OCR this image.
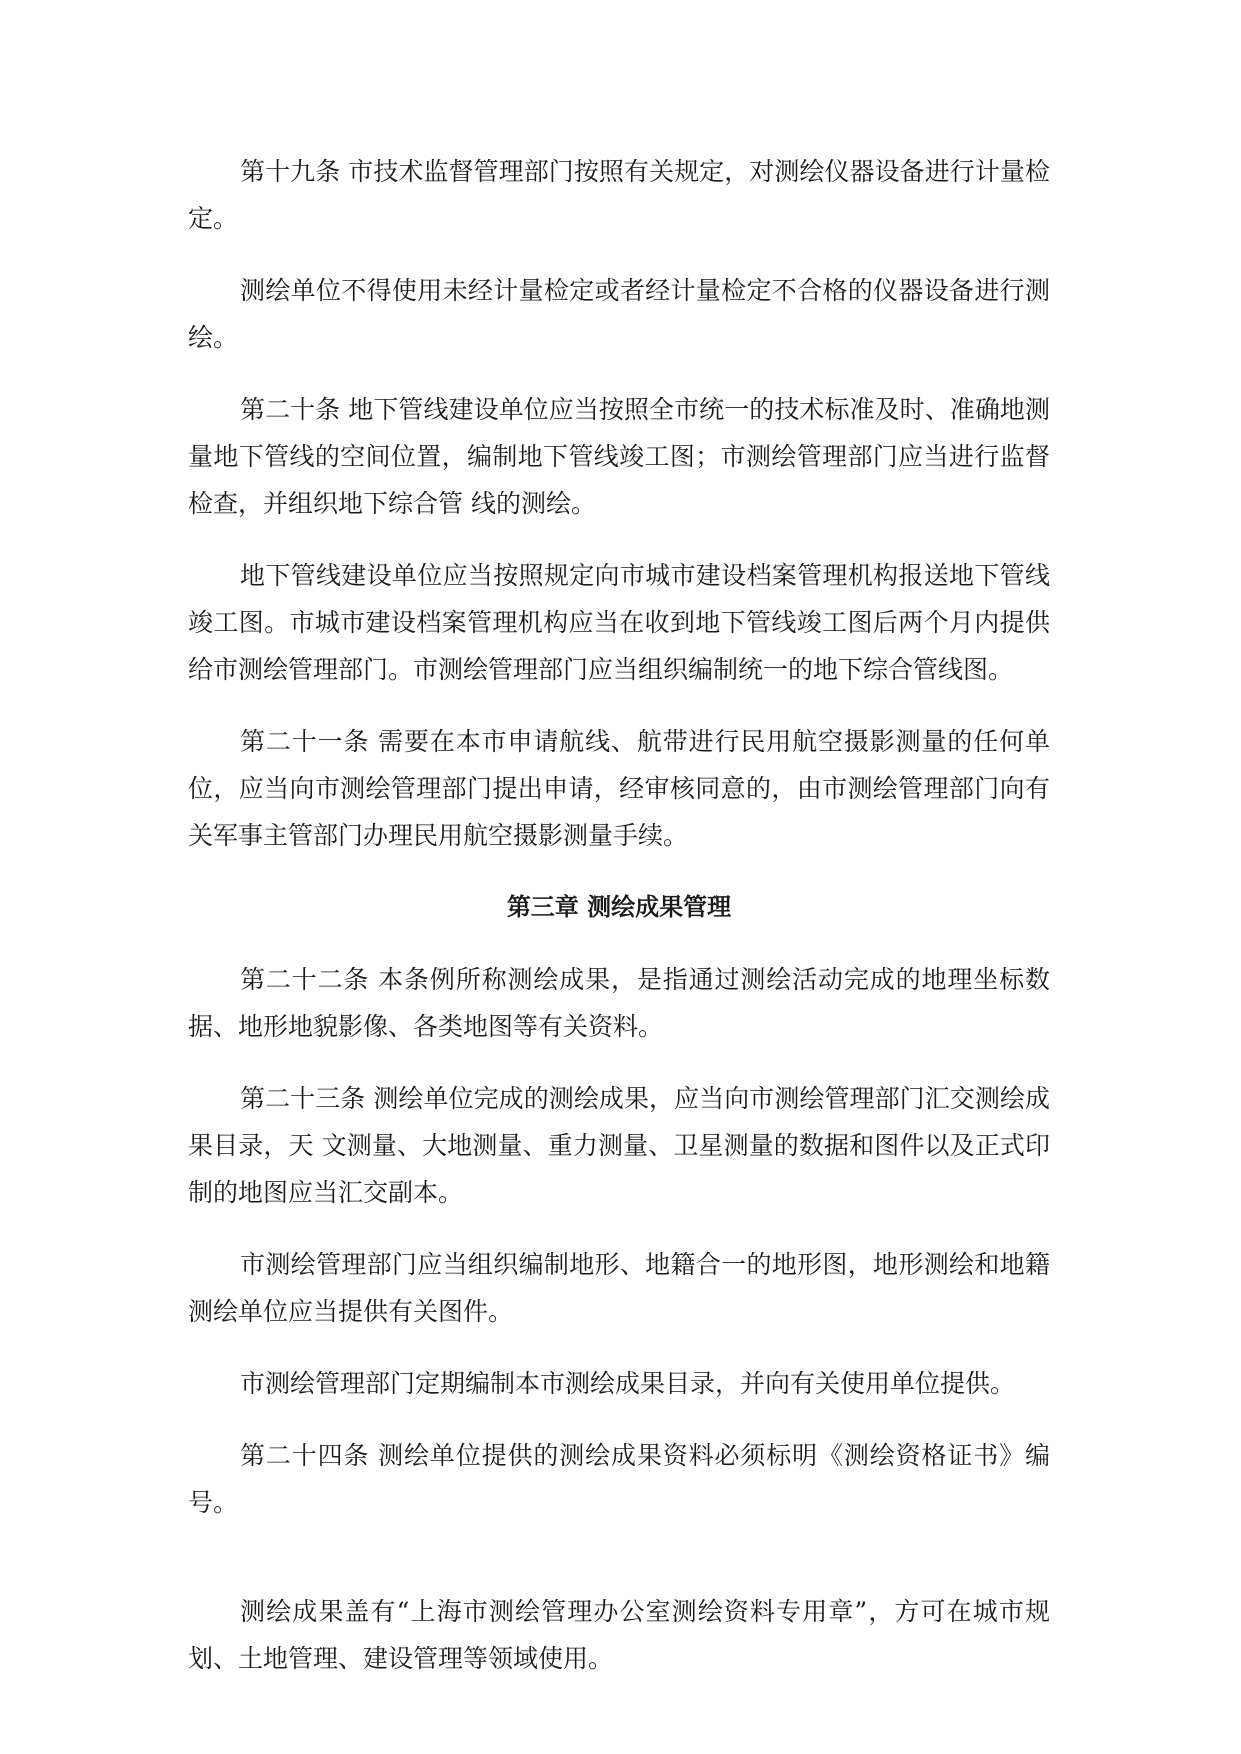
第十九条 市技术监督管理部门按照有关规定，对测绘仪器设备进行计量检定。

测绘单位不得使用未经计量检定或者经计量检定不合格的仪器设备进行测绘。

第二十条 地下管线建设单位应当按照全市统一的技术标准及时、准确地测量地下管线的空间位置，编制地下管线竣工图；市测绘管理部门应当进行监督检查，并组织地下综合管 线的测绘。

地下管线建设单位应当按照规定向市城市建设档案管理机构报送地下管线竣工图。市城市建设档案管理机构应当在收到地下管线竣工图后两个月内提供给市测绘管理部门。市测绘管理部门应当组织编制统一的地下综合管线图。

第二十一条 需要在本市申请航线、航带进行民用航空摄影测量的任何单 位，应当向市测绘管理部门提出申请，经审核同意的，由市测绘管理部门向有关军事主管部门办理民用航空摄影测量手续。

第三章 测绘成果管理

第二十二条 本条例所称测绘成果，是指通过测绘活动完成的地理坐标数据、地形地貌影像、各类地图等有关资料。

第二十三条 测绘单位完成的测绘成果，应当向市测绘管理部门汇交测绘成果目录，天 文测量、大地测量、重力测量、卫星测量的数据和图件以及正式印制的地图应当汇交副本。

市测绘管理部门应当组织编制地形、地籍合一的地形图，地形测绘和地籍测绘单位应当提供有关图件。

市测绘管理部门定期编制本市测绘成果目录，并向有关使用单位提供。

第二十四条 测绘单位提供的测绘成果资料必须标明《测绘资格证书》编号。

测绘成果盖有“上海市测绘管理办公室测绘资料专用章”，方可在城市规划、土地管理、建设管理等领域使用。
